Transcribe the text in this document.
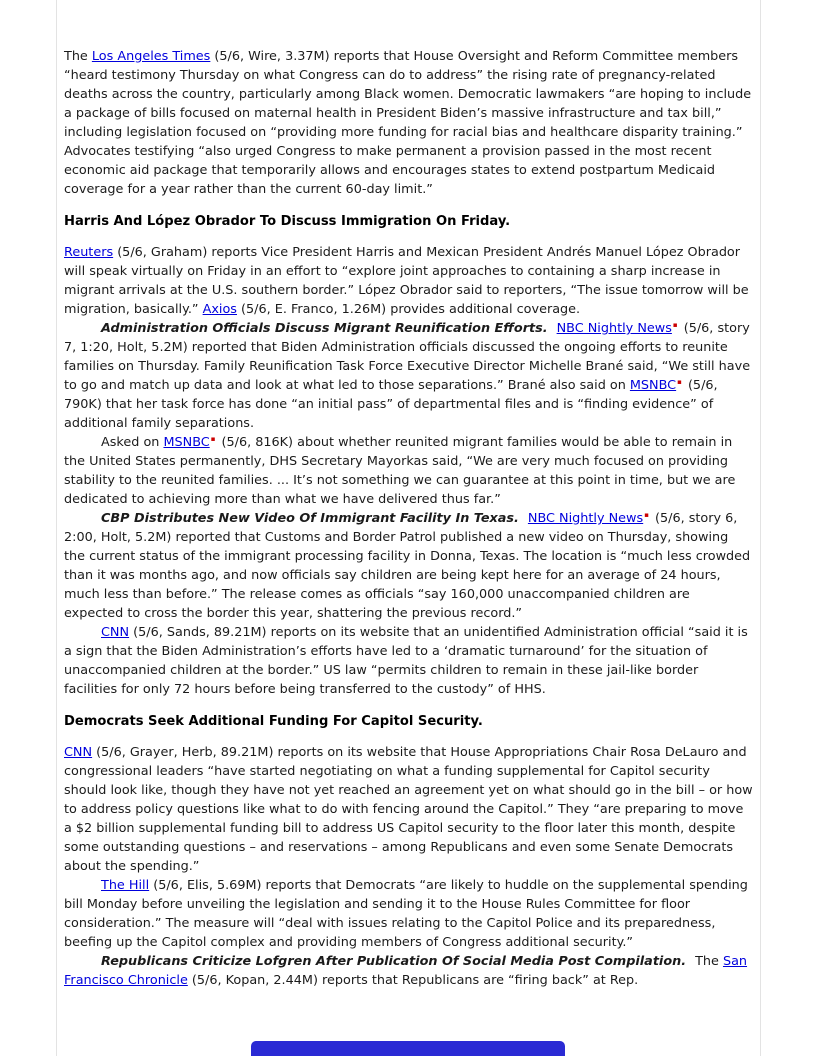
The Los Angeles Times (5/6, Wire, 3.37M) reports that House Oversight and Reform Committee members “heard testimony Thursday on what Congress can do to address” the rising rate of pregnancy-related deaths across the country, particularly among Black women. Democratic lawmakers “are hoping to include a package of bills focused on maternal health in President Biden’s massive infrastructure and tax bill,” including legislation focused on “providing more funding for racial bias and healthcare disparity training.” Advocates testifying “also urged Congress to make permanent a provision passed in the most recent economic aid package that temporarily allows and encourages states to extend postpartum Medicaid coverage for a year rather than the current 60-day limit.”

Harris And López Obrador To Discuss Immigration On Friday.

Reuters (5/6, Graham) reports Vice President Harris and Mexican President Andrés Manuel López Obrador will speak virtually on Friday in an effort to “explore joint approaches to containing a sharp increase in migrant arrivals at the U.S. southern border.” López Obrador said to reporters, “The issue tomorrow will be migration, basically.” Axios (5/6, E. Franco, 1.26M) provides additional coverage.

Administration Officials Discuss Migrant Reunification Efforts. NBC Nightly News▪ (5/6, story 7, 1:20, Holt, 5.2M) reported that Biden Administration officials discussed the ongoing efforts to reunite families on Thursday. Family Reunification Task Force Executive Director Michelle Brané said, “We still have to go and match up data and look at what led to those separations.” Brané also said on MSNBC▪ (5/6, 790K) that her task force has done “an initial pass” of departmental files and is “finding evidence” of additional family separations.

Asked on MSNBC▪ (5/6, 816K) about whether reunited migrant families would be able to remain in the United States permanently, DHS Secretary Mayorkas said, “We are very much focused on providing stability to the reunited families. ... It’s not something we can guarantee at this point in time, but we are dedicated to achieving more than what we have delivered thus far.”

CBP Distributes New Video Of Immigrant Facility In Texas. NBC Nightly News▪ (5/6, story 6, 2:00, Holt, 5.2M) reported that Customs and Border Patrol published a new video on Thursday, showing the current status of the immigrant processing facility in Donna, Texas. The location is “much less crowded than it was months ago, and now officials say children are being kept here for an average of 24 hours, much less than before.” The release comes as officials “say 160,000 unaccompanied children are expected to cross the border this year, shattering the previous record.”

CNN (5/6, Sands, 89.21M) reports on its website that an unidentified Administration official “said it is a sign that the Biden Administration’s efforts have led to a ‘dramatic turnaround’ for the situation of unaccompanied children at the border.” US law “permits children to remain in these jail-like border facilities for only 72 hours before being transferred to the custody” of HHS.

Democrats Seek Additional Funding For Capitol Security.

CNN (5/6, Grayer, Herb, 89.21M) reports on its website that House Appropriations Chair Rosa DeLauro and congressional leaders “have started negotiating on what a funding supplemental for Capitol security should look like, though they have not yet reached an agreement yet on what should go in the bill – or how to address policy questions like what to do with fencing around the Capitol.” They “are preparing to move a $2 billion supplemental funding bill to address US Capitol security to the floor later this month, despite some outstanding questions – and reservations – among Republicans and even some Senate Democrats about the spending.”

The Hill (5/6, Elis, 5.69M) reports that Democrats “are likely to huddle on the supplemental spending bill Monday before unveiling the legislation and sending it to the House Rules Committee for floor consideration.” The measure will “deal with issues relating to the Capitol Police and its preparedness, beefing up the Capitol complex and providing members of Congress additional security.”

Republicans Criticize Lofgren After Publication Of Social Media Post Compilation. The San Francisco Chronicle (5/6, Kopan, 2.44M) reports that Republicans are “firing back” at Rep.
